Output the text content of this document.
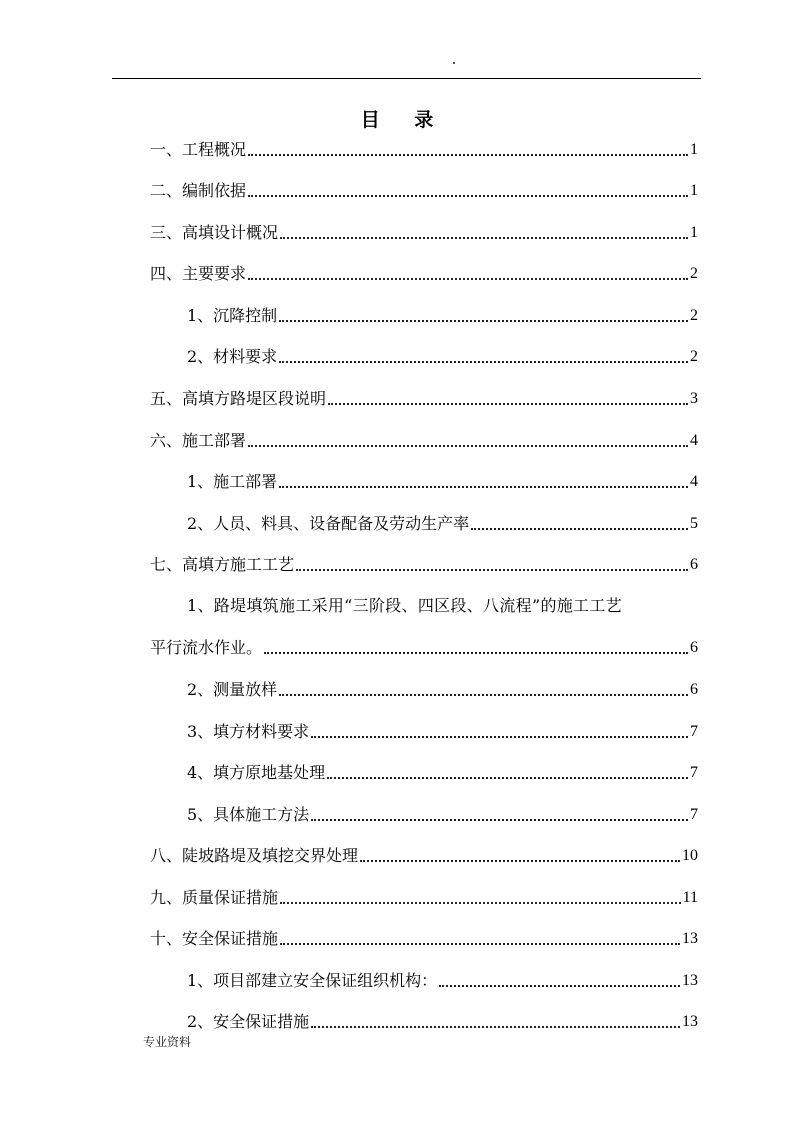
目 录
一、工程概况	1
二、编制依据	1
三、高填设计概况	1
四、主要要求	2
1、沉降控制	2
2、材料要求	2
五、高填方路堤区段说明	3
六、施工部署	4
1、施工部署	4
2、人员、料具、设备配备及劳动生产率	5
七、高填方施工工艺	6
1、路堤填筑施工采用“三阶段、四区段、八流程”的施工工艺
平行流水作业。	6
2、测量放样	6
3、填方材料要求	7
4、填方原地基处理	7
5、具体施工方法	7
八、陡坡路堤及填挖交界处理	10
九、质量保证措施	11
十、安全保证措施	13
1、项目部建立安全保证组织机构：	13
2、安全保证措施	13
专业资料
